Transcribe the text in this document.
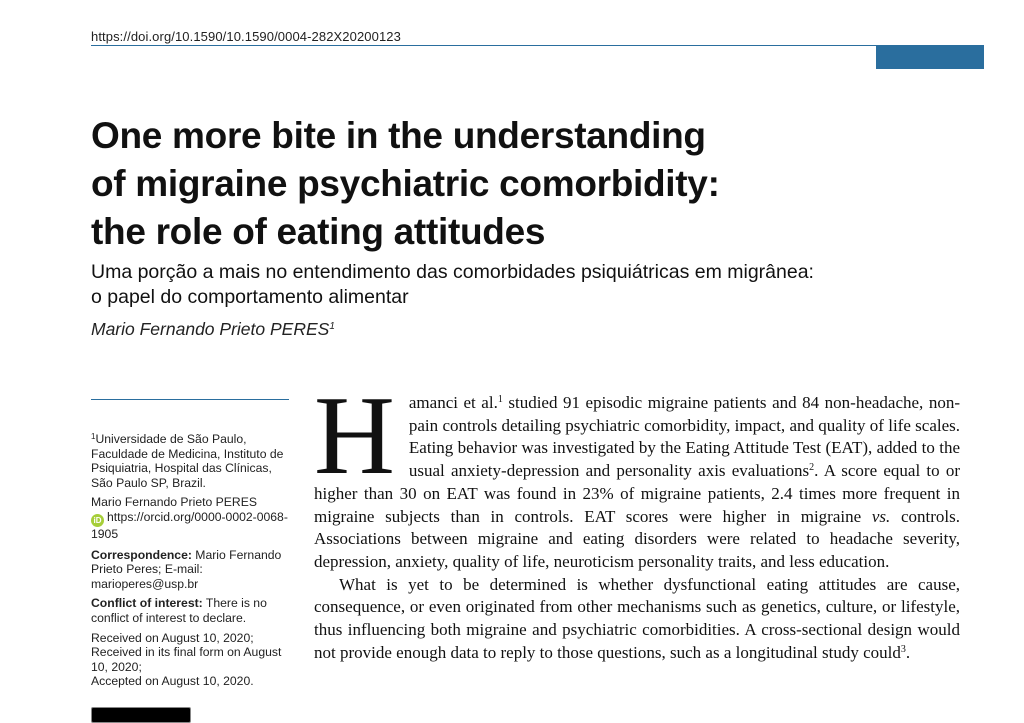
https://doi.org/10.1590/10.1590/0004-282X20200123
One more bite in the understanding
of migraine psychiatric comorbidity:
the role of eating attitudes
Uma porção a mais no entendimento das comorbidades psiquiátricas em migrânea:
o papel do comportamento alimentar
Mario Fernando Prieto PERES$^1$

$^1$Universidade de São Paulo, Faculdade de Medicina, Instituto de Psiquiatria, Hospital das Clínicas, São Paulo SP, Brazil.

Mario Fernando Prieto PERES
iD https://orcid.org/0000-0002-0068-1905

Correspondence: Mario Fernando Prieto Peres; E-mail: marioperes@usp.br

Conflict of interest: There is no conflict of interest to declare.

Received on August 10, 2020;
Received in its final form on August 10, 2020;
Accepted on August 10, 2020.

Hamanci et al.$^1$ studied 91 episodic migraine patients and 84 non-headache, non-pain controls detailing psychiatric comorbidity, impact, and quality of life scales. Eating behavior was investigated by the Eating Attitude Test (EAT), added to the usual anxiety-depression and personality axis evaluations$^2$. A score equal to or higher than 30 on EAT was found in 23% of migraine patients, 2.4 times more frequent in migraine subjects than in controls. EAT scores were higher in migraine vs. controls. Associations between migraine and eating disorders were related to headache severity, depression, anxiety, quality of life, neuroticism personality traits, and less education.

What is yet to be determined is whether dysfunctional eating attitudes are cause, consequence, or even originated from other mechanisms such as genetics, culture, or lifestyle, thus influencing both migraine and psychiatric comorbidities. A cross-sectional design would not provide enough data to reply to those questions, such as a longitudinal study could$^3$.
